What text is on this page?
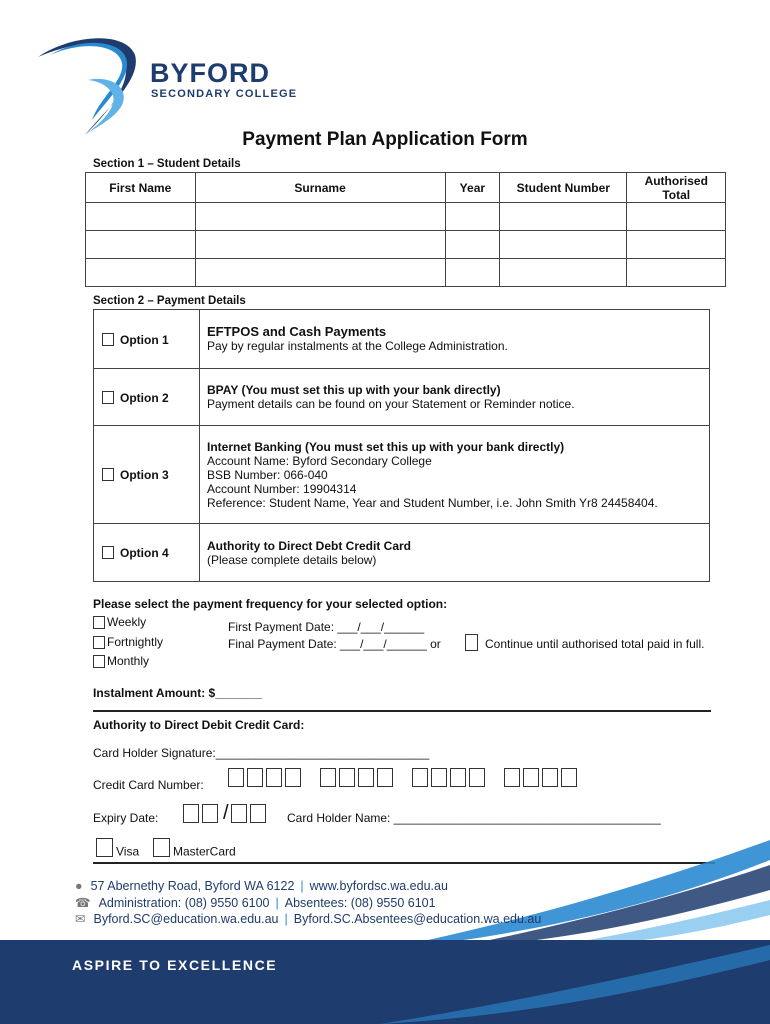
BYFORD
SECONDARY COLLEGE
Payment Plan Application Form
Section 1 – Student Details
First Name	Surname	Year	Student Number	Authorised Total

Section 2 – Payment Details
Option 1	EFTPOS and Cash Payments
Pay by regular instalments at the College Administration.

Option 2	BPAY (You must set this up with your bank directly)
Payment details can be found on your Statement or Reminder notice.

Option 3	Internet Banking (You must set this up with your bank directly)
Account Name: Byford Secondary College
BSB Number: 066-040
Account Number: 19904314
Reference: Student Name, Year and Student Number, i.e. John Smith Yr8 24458404.

Option 4	Authority to Direct Debt Credit Card
(Please complete details below)
Please select the payment frequency for your selected option:
Weekly
Fortnightly
Monthly
First Payment Date: ___/___/______
Final Payment Date: ___/___/______ or	Continue until authorised total paid in full.
Instalment Amount: $_______
Authority to Direct Debit Credit Card:
Card Holder Signature:________________________________
Credit Card Number:
Expiry Date:	/	Card Holder Name: ________________________________________
Visa	MasterCard
● 57 Abernethy Road, Byford WA 6122 | www.byfordsc.wa.edu.au
☎ Administration: (08) 9550 6100 | Absentees: (08) 9550 6101
✉ Byford.SC@education.wa.edu.au | Byford.SC.Absentees@education.wa.edu.au
ASPIRE TO EXCELLENCE
